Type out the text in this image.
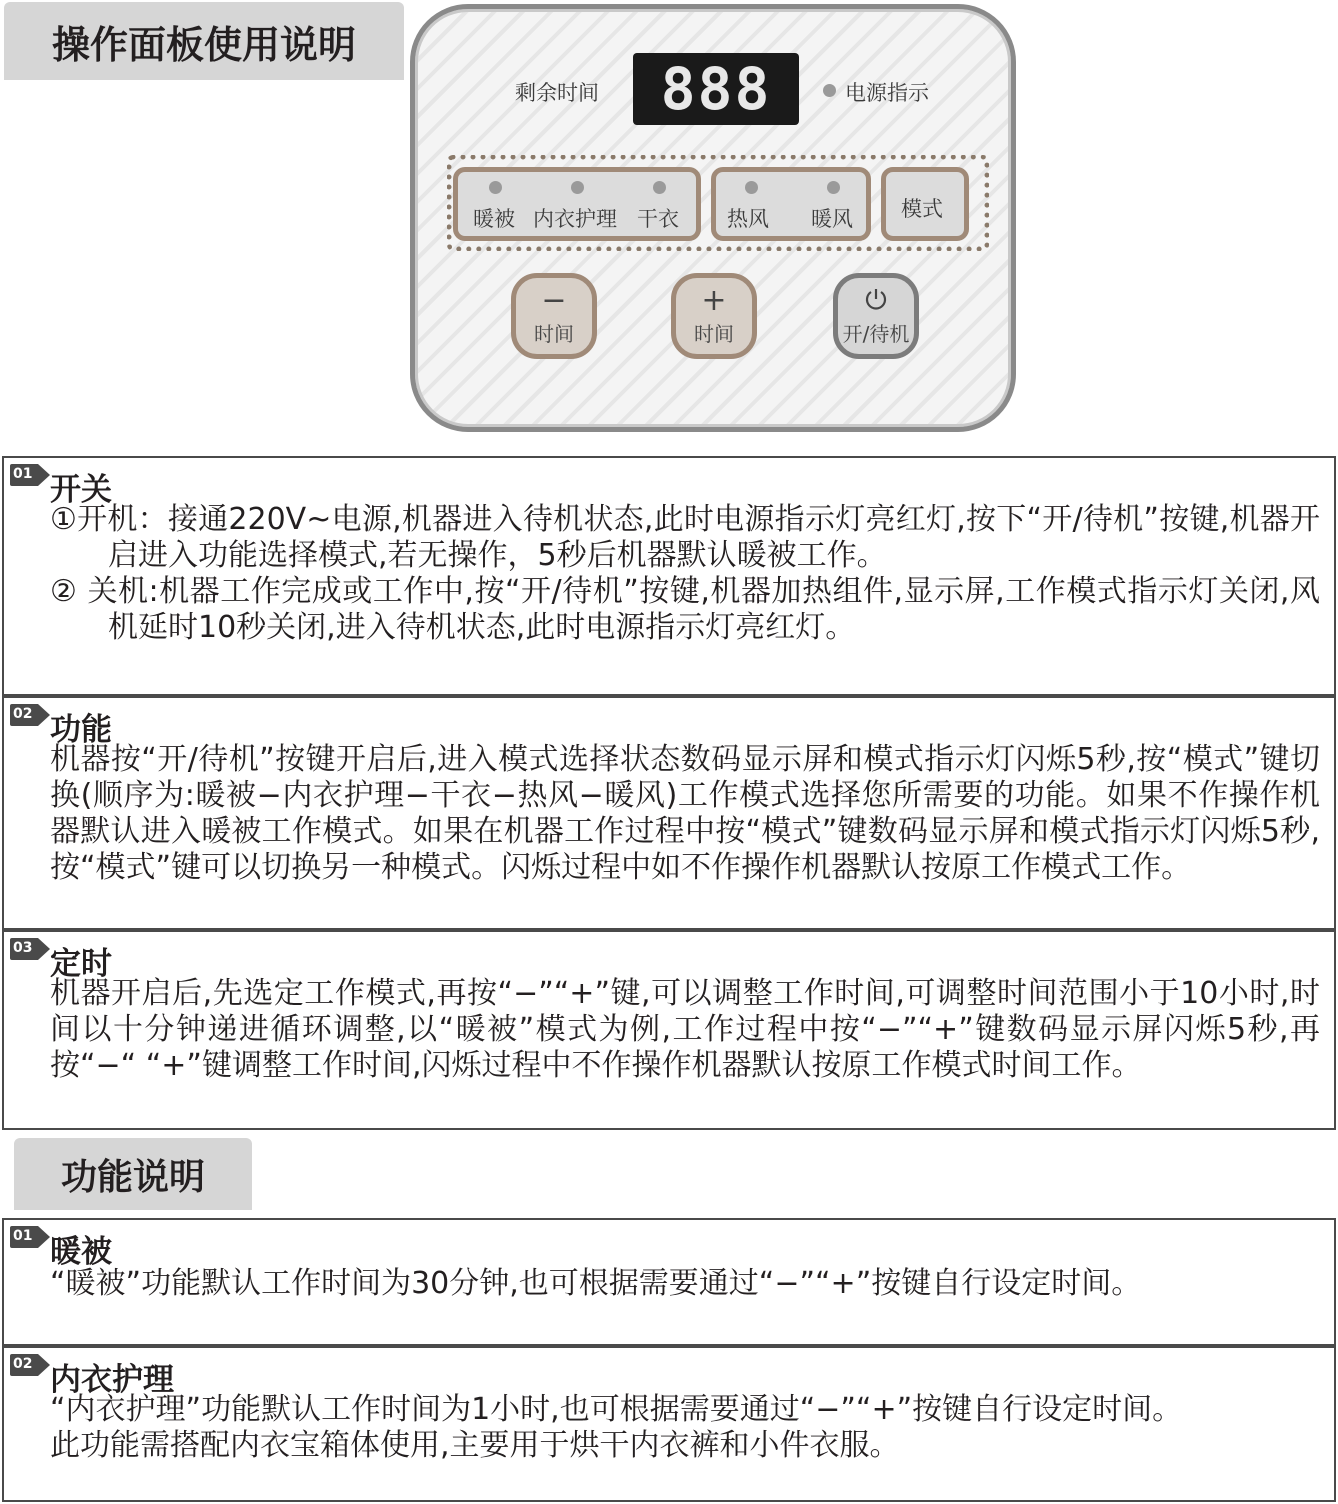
操作面板使用说明
剩余时间	888	电源指示
暖被 内衣护理 干衣 热风 暖风 模式
−
时间
+
时间	开/待机
01 开关

①开机：接通220V~电源,机器进入待机状态,此时电源指示灯亮红灯,按下“开/待机”按键,机器开启进入功能选择模式,若无操作，5秒后机器默认暖被工作。

② 关机:机器工作完成或工作中,按“开/待机”按键,机器加热组件,显示屏,工作模式指示灯关闭,风机延时10秒关闭,进入待机状态,此时电源指示灯亮红灯。

02 功能

机器按“开/待机”按键开启后,进入模式选择状态数码显示屏和模式指示灯闪烁5秒,按“模式”键切换(顺序为:暖被−内衣护理−干衣−热风−暖风)工作模式选择您所需要的功能。如果不作操作机器默认进入暖被工作模式。如果在机器工作过程中按“模式”键数码显示屏和模式指示灯闪烁5秒,按“模式”键可以切换另一种模式。闪烁过程中如不作操作机器默认按原工作模式工作。

03 定时

机器开启后,先选定工作模式,再按“−”“+”键,可以调整工作时间,可调整时间范围小于10小时,时间以十分钟递进循环调整,以“暖被”模式为例,工作过程中按“−”“+”键数码显示屏闪烁5秒,再按“−“ “+”键调整工作时间,闪烁过程中不作操作机器默认按原工作模式时间工作。

功能说明
01 暖被

“暖被”功能默认工作时间为30分钟,也可根据需要通过“−”“+”按键自行设定时间。

02 内衣护理

“内衣护理”功能默认工作时间为1小时,也可根据需要通过“−”“+”按键自行设定时间。

此功能需搭配内衣宝箱体使用,主要用于烘干内衣裤和小件衣服。
